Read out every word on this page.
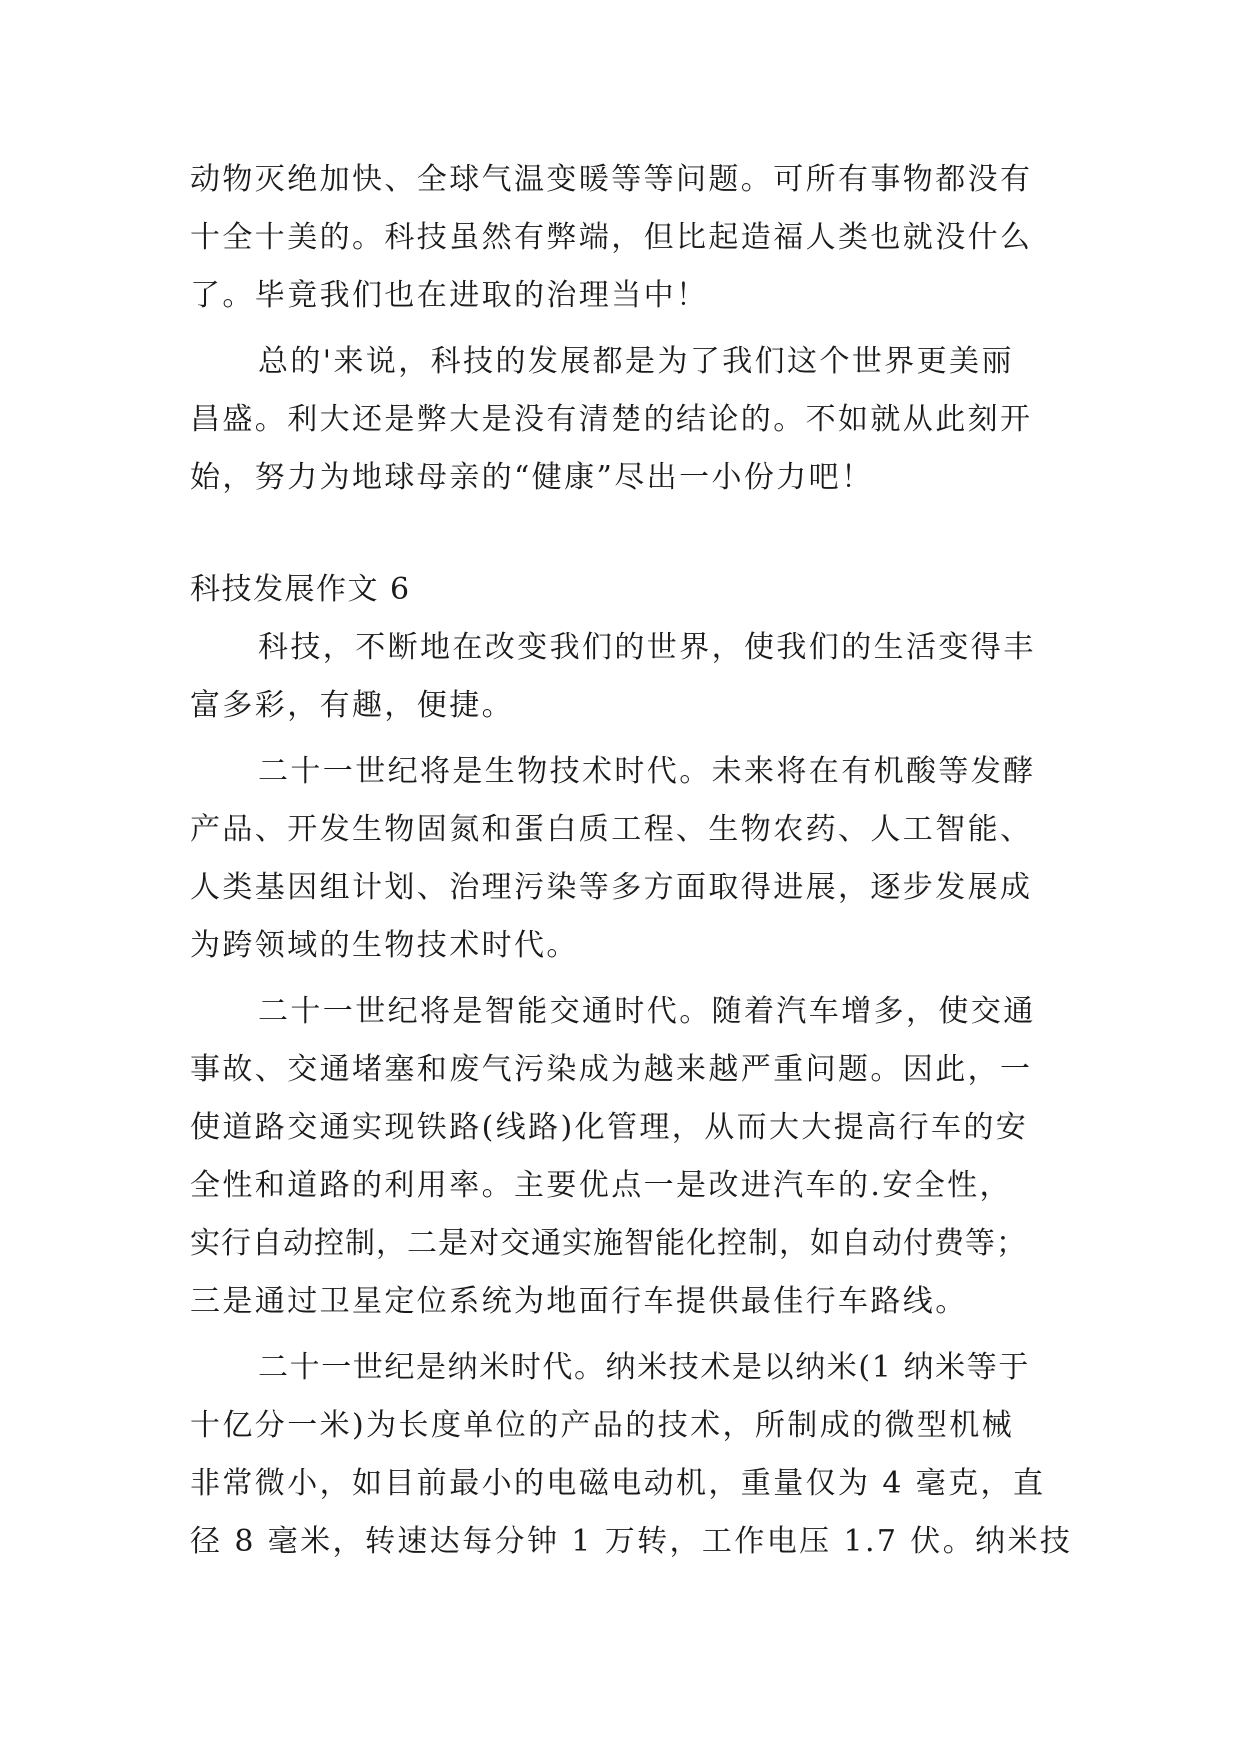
动物灭绝加快、全球气温变暖等等问题。可所有事物都没有
十全十美的。科技虽然有弊端，但比起造福人类也就没什么
了。毕竟我们也在进取的治理当中！
总的'来说，科技的发展都是为了我们这个世界更美丽
昌盛。利大还是弊大是没有清楚的结论的。不如就从此刻开
始，努力为地球母亲的“健康”尽出一小份力吧！
科技发展作文 6
科技，不断地在改变我们的世界，使我们的生活变得丰
富多彩，有趣，便捷。
二十一世纪将是生物技术时代。未来将在有机酸等发酵
产品、开发生物固氮和蛋白质工程、生物农药、人工智能、
人类基因组计划、治理污染等多方面取得进展，逐步发展成
为跨领域的生物技术时代。
二十一世纪将是智能交通时代。随着汽车增多，使交通
事故、交通堵塞和废气污染成为越来越严重问题。因此，一
使道路交通实现铁路(线路)化管理，从而大大提高行车的安
全性和道路的利用率。主要优点一是改进汽车的.安全性，
实行自动控制，二是对交通实施智能化控制，如自动付费等；
三是通过卫星定位系统为地面行车提供最佳行车路线。
二十一世纪是纳米时代。纳米技术是以纳米(1 纳米等于
十亿分一米)为长度单位的产品的技术，所制成的微型机械
非常微小，如目前最小的电磁电动机，重量仅为 4 毫克，直
径 8 毫米，转速达每分钟 1 万转，工作电压 1.7 伏。纳米技
